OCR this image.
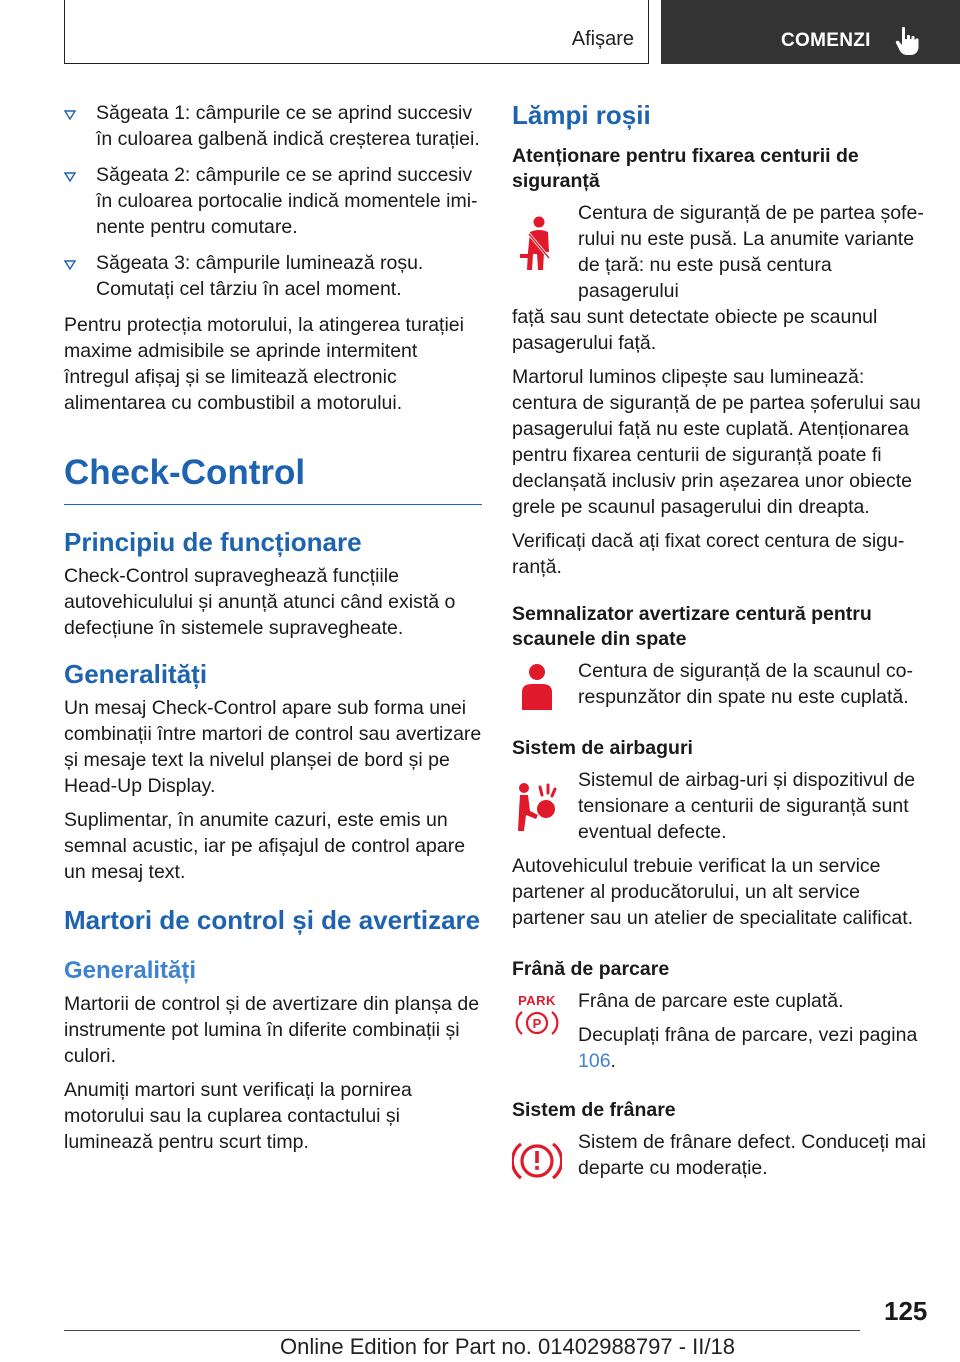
Afișare	COMENZI
Săgeata 1: câmpurile ce se aprind succesiv în culoarea galbenă indică creșterea turației.
Săgeata 2: câmpurile ce se aprind succesiv în culoarea portocalie indică momentele iminente pentru comutare.
Săgeata 3: câmpurile luminează roșu. Comutați cel târziu în acel moment.

Pentru protecția motorului, la atingerea turației maxime admisibile se aprinde intermitent întregul afișaj și se limitează electronic alimentarea cu combustibil a motorului.

Check-Control
Principiu de funcționare

Check-Control supraveghează funcțiile autovehiculului și anunță atunci când există o defecțiune în sistemele supravegheate.

Generalități

Un mesaj Check-Control apare sub forma unei combinații între martori de control sau avertizare și mesaje text la nivelul planșei de bord și pe Head-Up Display.

Suplimentar, în anumite cazuri, este emis un semnal acustic, iar pe afișajul de control apare un mesaj text.

Martori de control și de avertizare
Generalități

Martorii de control și de avertizare din planșa de instrumente pot lumina în diferite combinații și culori.

Anumiți martori sunt verificați la pornirea motorului sau la cuplarea contactului și luminează pentru scurt timp.

Lămpi roșii
Atenționare pentru fixarea centurii de siguranță

Centura de siguranță de pe partea șoferului nu este pusă. La anumite variante de țară: nu este pusă centura pasagerului

față sau sunt detectate obiecte pe scaunul pasagerului față.

Martorul luminos clipește sau luminează: centura de siguranță de pe partea șoferului sau pasagerului față nu este cuplată. Atenționarea pentru fixarea centurii de siguranță poate fi declanșată inclusiv prin așezarea unor obiecte grele pe scaunul pasagerului din dreapta.

Verificați dacă ați fixat corect centura de siguranță.

Semnalizator avertizare centură pentru scaunele din spate

Centura de siguranță de la scaunul corespunzător din spate nu este cuplată.

Sistem de airbaguri

Sistemul de airbag-uri și dispozitivul de tensionare a centurii de siguranță sunt eventual defecte.

Autovehiculul trebuie verificat la un service partener al producătorului, un alt service partener sau un atelier de specialitate calificat.

Frână de parcare
PARK
P

Frâna de parcare este cuplată.

Decuplați frâna de parcare, vezi pagina 106.

Sistem de frânare

Sistem de frânare defect. Conduceți mai departe cu moderație.

125
Online Edition for Part no. 01402988797 - II/18
